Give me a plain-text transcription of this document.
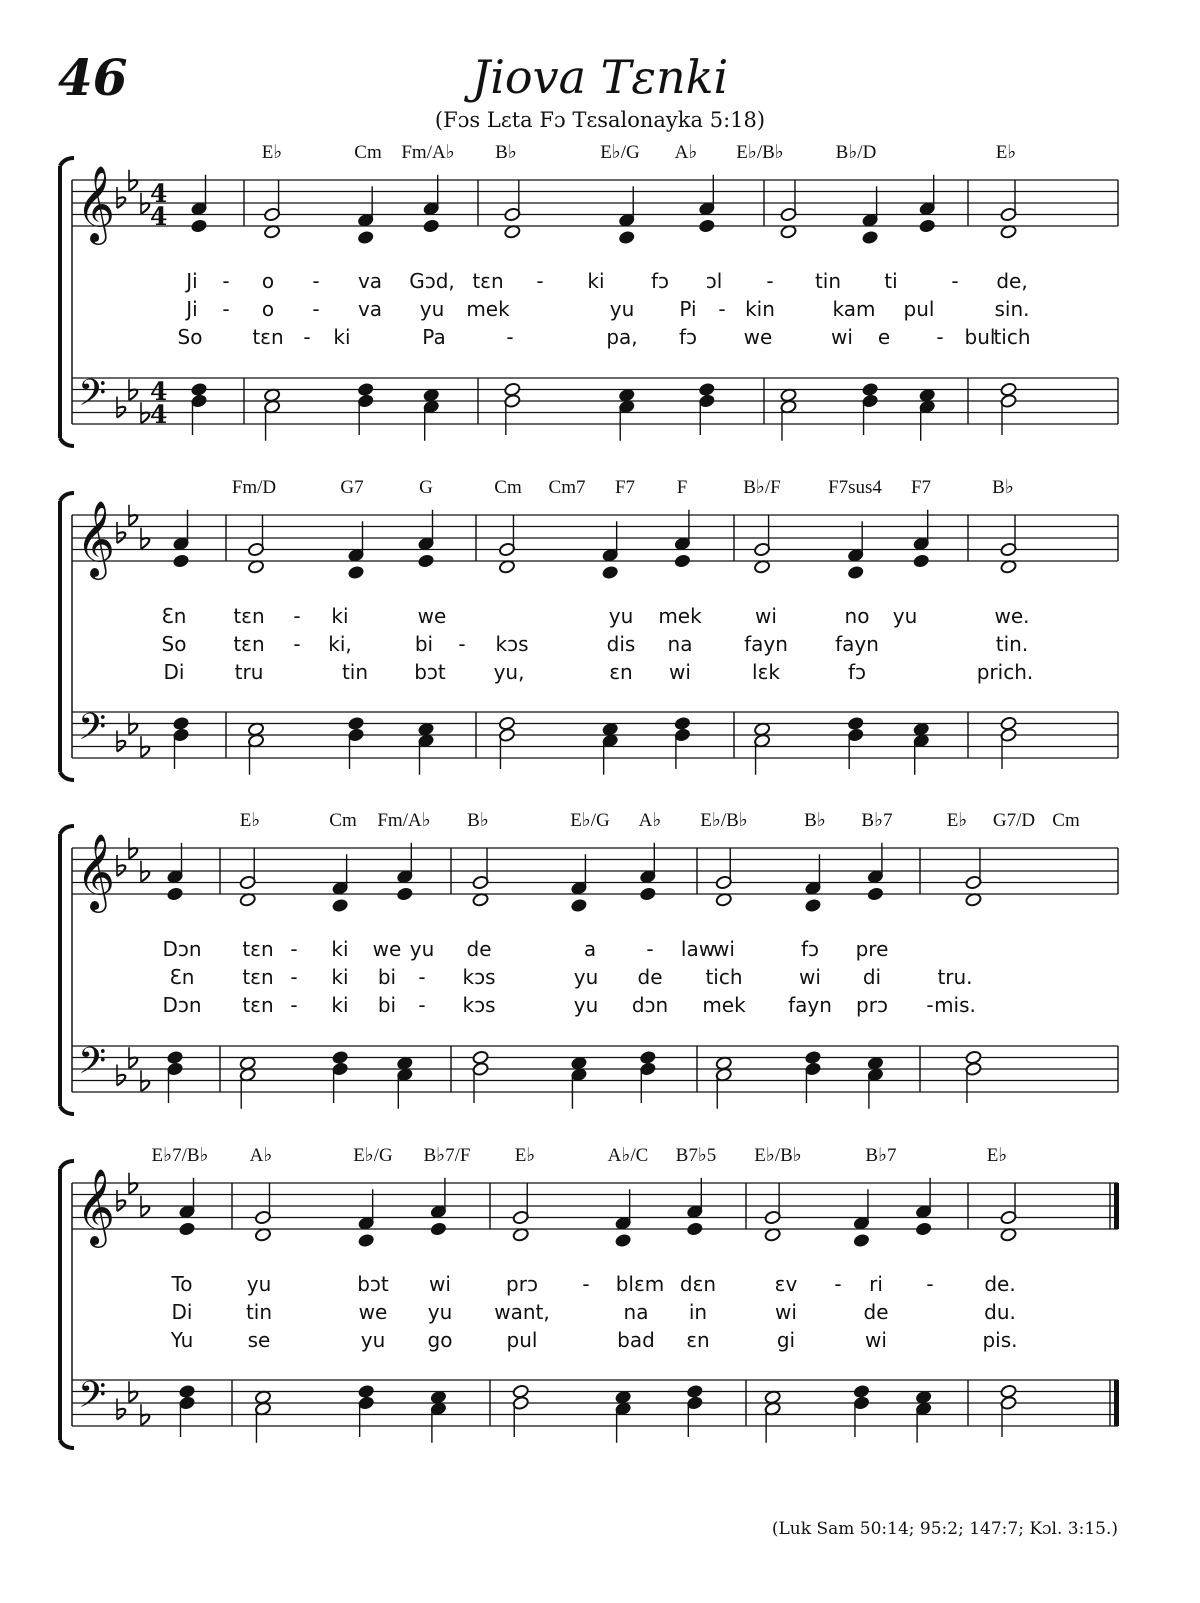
46	Jiova Tɛnki
(Fɔs Lɛta Fɔ Tɛsalonayka 5:18)
𝄞
𝄢
4
4
4
4
E♭	Cm Fm/A♭ B♭	E♭/G A♭ E♭/B♭	B♭/D	E♭
Ji - o - va Gɔd, tɛn - ki fɔ ɔl - tin ti	- de,
Ji - o - va yu mek	yu Pi - kin	kam pul	sin.
So tɛn - ki	Pa	-	pa, fɔ we	wi e - bul
tich
𝄞
𝄢
Fm/D	G7	G	Cm Cm7 F7 F	B♭/F F7sus4 F7	B♭
Ɛn tɛn - ki	we	yu mek	wi	no yu	we.
So tɛn - ki,	bi - kɔs	dis na	fayn fayn	tin.
Di	tru	tin bɔt yu,	ɛn wi	lɛk	fɔ	prich.
𝄞
𝄢
E♭	Cm Fm/A♭ B♭	E♭/G A♭ E♭/B♭	B♭ B♭7	E♭ G7/D Cm
Dɔn tɛn - ki we yu de	a	- law
wi	fɔ pre
Ɛn tɛn - ki bi - kɔs	yu de tich	wi di	tru.
Dɔn tɛn - ki bi - kɔs	yu dɔn mek fayn prɔ - mis.
𝄞
𝄢
E♭7/B♭ A♭	E♭/G B♭7/F E♭	A♭/C B7♭5 E♭/B♭	B♭7	E♭
To	yu	bɔt wi	prɔ - blɛm dɛn	ɛv - ri -	de.
Di	tin	we yu want,	na in	wi	de	du.
Yu	se	yu go	pul	bad ɛn	gi	wi	pis.
(Luk Sam 50:14; 95:2; 147:7; Kɔl. 3:15.)
